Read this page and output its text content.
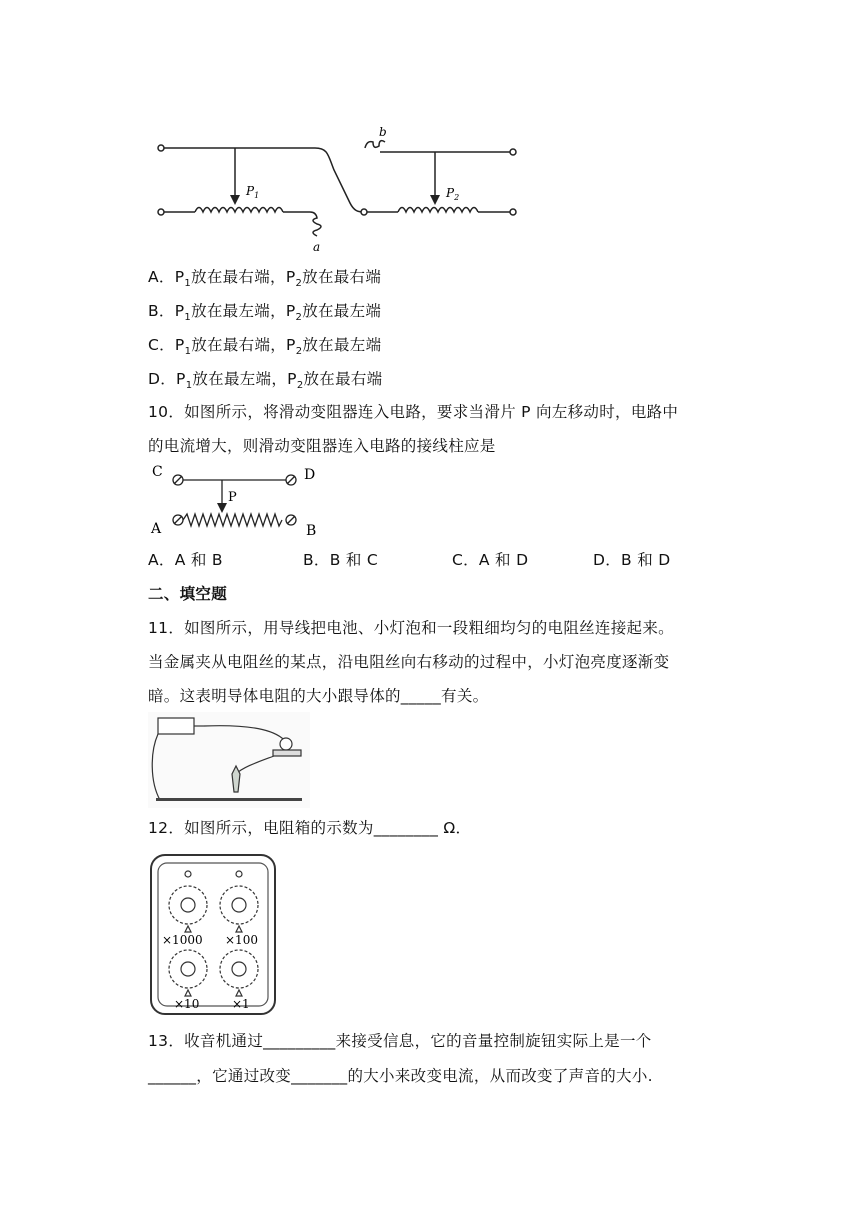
b
a
$P_1$	$P_2$
A．$P_1$放在最右端，$P_2$放在最右端
B．$P_1$放在最左端，$P_2$放在最左端
C．$P_1$放在最右端，$P_2$放在最左端
D．$P_1$放在最左端，$P_2$放在最右端
10．如图所示，将滑动变阻器连入电路，要求当滑片 P 向左移动时，电路中
的电流增大，则滑动变阻器连入电路的接线柱应是
C	D
A	B
P
A．A 和 B	B．B 和 C	C．A 和 D	D．B 和 D
二、填空题
11．如图所示，用导线把电池、小灯泡和一段粗细均匀的电阻丝连接起来。
当金属夹从电阻丝的某点，沿电阻丝向右移动的过程中，小灯泡亮度逐渐变
暗。这表明导体电阻的大小跟导体的_____有关。
12．如图所示，电阻箱的示数为________ Ω．
×1000 ×100
×10	×1
13．收音机通过_________来接受信息，它的音量控制旋钮实际上是一个
______，它通过改变_______的大小来改变电流，从而改变了声音的大小.
